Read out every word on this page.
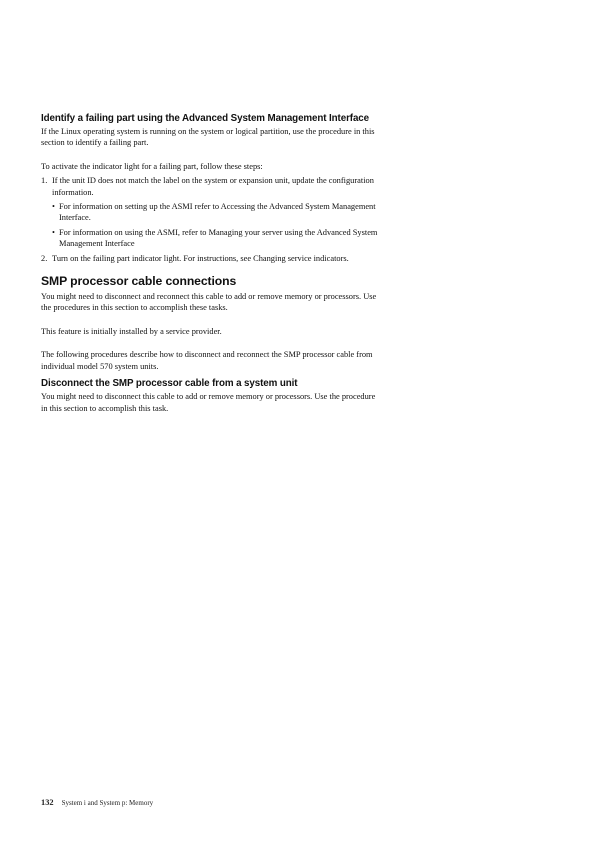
Identify a failing part using the Advanced System Management Interface

If the Linux operating system is running on the system or logical partition, use the procedure in this section to identify a failing part.

To activate the indicator light for a failing part, follow these steps:

1. If the unit ID does not match the label on the system or expansion unit, update the configuration information.
• For information on setting up the ASMI refer to Accessing the Advanced System Management Interface.
• For information on using the ASMI, refer to Managing your server using the Advanced System Management Interface
2. Turn on the failing part indicator light. For instructions, see Changing service indicators.
SMP processor cable connections

You might need to disconnect and reconnect this cable to add or remove memory or processors. Use the procedures in this section to accomplish these tasks.

This feature is initially installed by a service provider.

The following procedures describe how to disconnect and reconnect the SMP processor cable from individual model 570 system units.

Disconnect the SMP processor cable from a system unit

You might need to disconnect this cable to add or remove memory or processors. Use the procedure in this section to accomplish this task.

132 System i and System p: Memory
